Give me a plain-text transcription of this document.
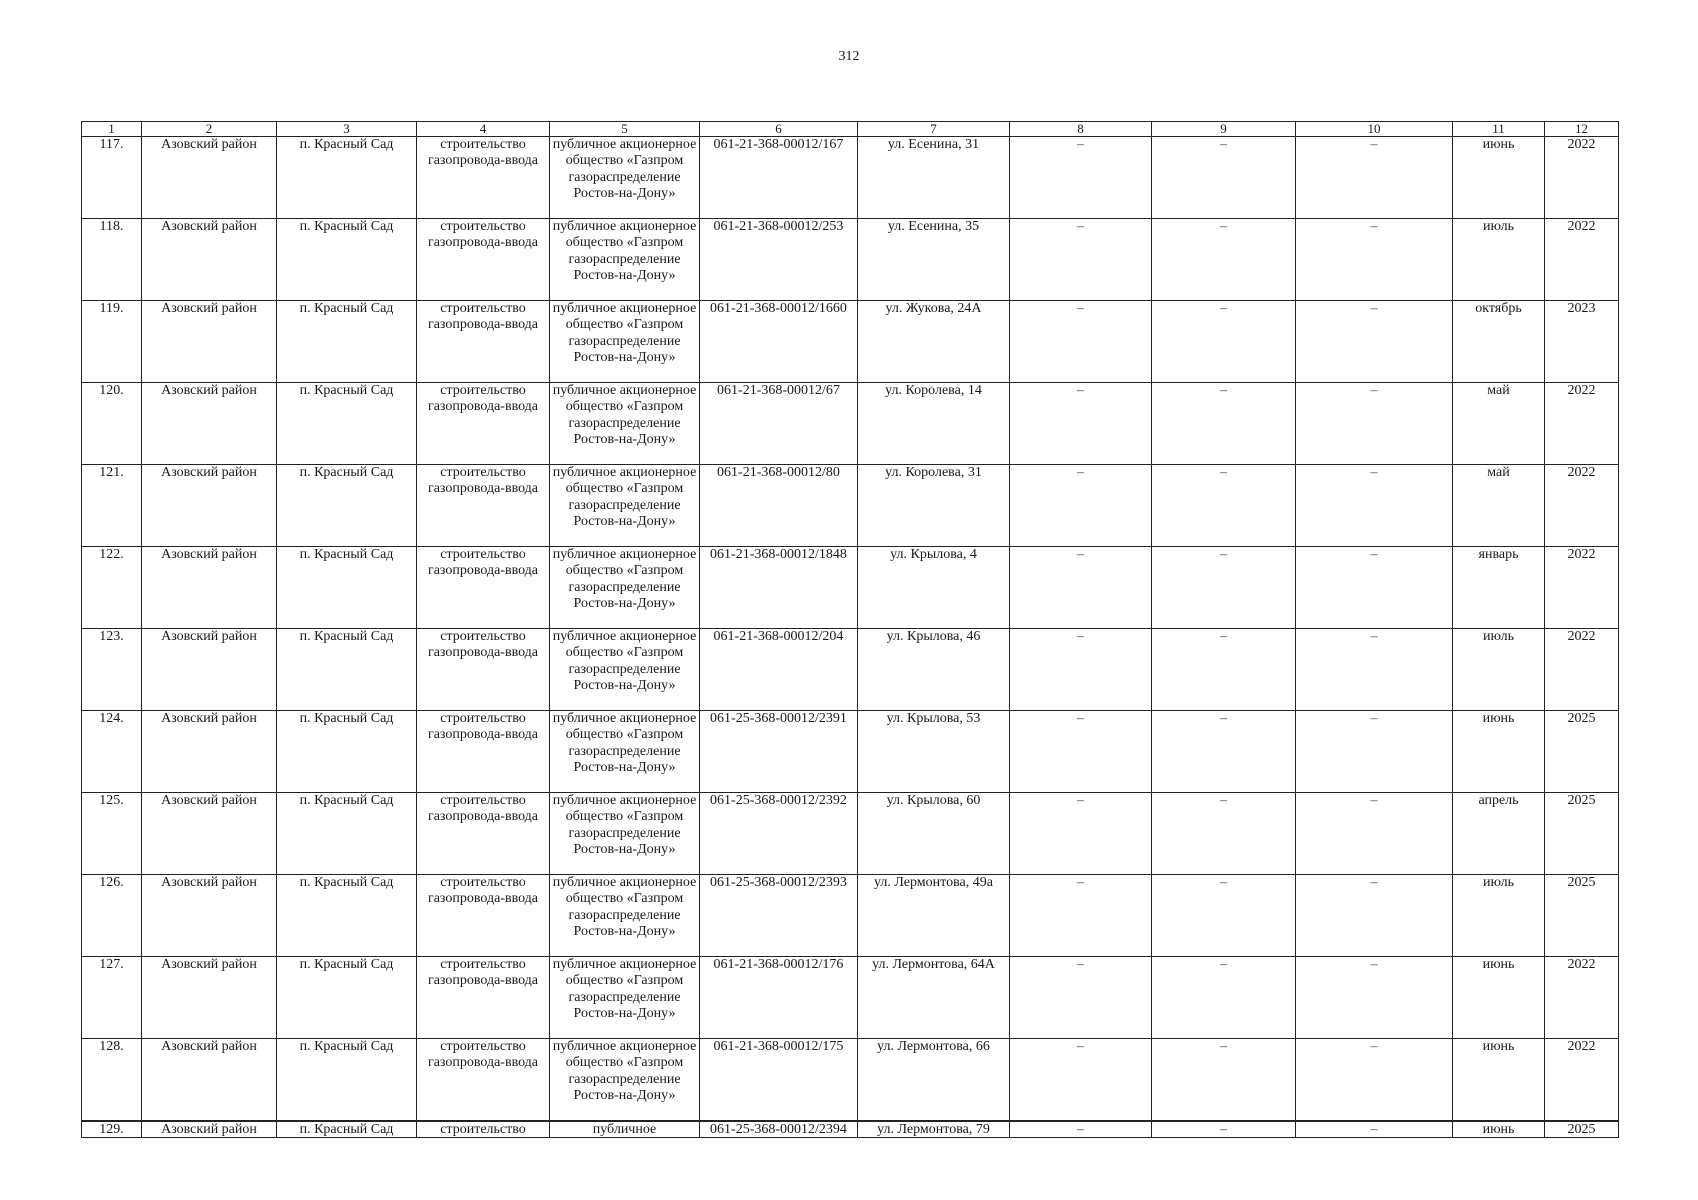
312
1	2	3	4	5	6	7	8	9	10	11	12
117.	Азовский район	п. Красный Сад	строительство газопровода-ввода	публичное акционерное общество «Газпром газораспределение Ростов-на-Дону»	061-21-368-00012/167	ул. Есенина, 31	–	–	–	июнь	2022
118.	Азовский район	п. Красный Сад	строительство газопровода-ввода	публичное акционерное общество «Газпром газораспределение Ростов-на-Дону»	061-21-368-00012/253	ул. Есенина, 35	–	–	–	июль	2022
119.	Азовский район	п. Красный Сад	строительство газопровода-ввода	публичное акционерное общество «Газпром газораспределение Ростов-на-Дону»	061-21-368-00012/1660	ул. Жукова, 24А	–	–	–	октябрь	2023
120.	Азовский район	п. Красный Сад	строительство газопровода-ввода	публичное акционерное общество «Газпром газораспределение Ростов-на-Дону»	061-21-368-00012/67	ул. Королева, 14	–	–	–	май	2022
121.	Азовский район	п. Красный Сад	строительство газопровода-ввода	публичное акционерное общество «Газпром газораспределение Ростов-на-Дону»	061-21-368-00012/80	ул. Королева, 31	–	–	–	май	2022
122.	Азовский район	п. Красный Сад	строительство газопровода-ввода	публичное акционерное общество «Газпром газораспределение Ростов-на-Дону»	061-21-368-00012/1848	ул. Крылова, 4	–	–	–	январь	2022
123.	Азовский район	п. Красный Сад	строительство газопровода-ввода	публичное акционерное общество «Газпром газораспределение Ростов-на-Дону»	061-21-368-00012/204	ул. Крылова, 46	–	–	–	июль	2022
124.	Азовский район	п. Красный Сад	строительство газопровода-ввода	публичное акционерное общество «Газпром газораспределение Ростов-на-Дону»	061-25-368-00012/2391	ул. Крылова, 53	–	–	–	июнь	2025
125.	Азовский район	п. Красный Сад	строительство газопровода-ввода	публичное акционерное общество «Газпром газораспределение Ростов-на-Дону»	061-25-368-00012/2392	ул. Крылова, 60	–	–	–	апрель	2025
126.	Азовский район	п. Красный Сад	строительство газопровода-ввода	публичное акционерное общество «Газпром газораспределение Ростов-на-Дону»	061-25-368-00012/2393	ул. Лермонтова, 49а	–	–	–	июль	2025
127.	Азовский район	п. Красный Сад	строительство газопровода-ввода	публичное акционерное общество «Газпром газораспределение Ростов-на-Дону»	061-21-368-00012/176	ул. Лермонтова, 64А	–	–	–	июнь	2022
128.	Азовский район	п. Красный Сад	строительство газопровода-ввода	публичное акционерное общество «Газпром газораспределение Ростов-на-Дону»	061-21-368-00012/175	ул. Лермонтова, 66	–	–	–	июнь	2022
129.	Азовский район	п. Красный Сад	строительство	публичное	061-25-368-00012/2394	ул. Лермонтова, 79	–	–	–	июнь	2025
